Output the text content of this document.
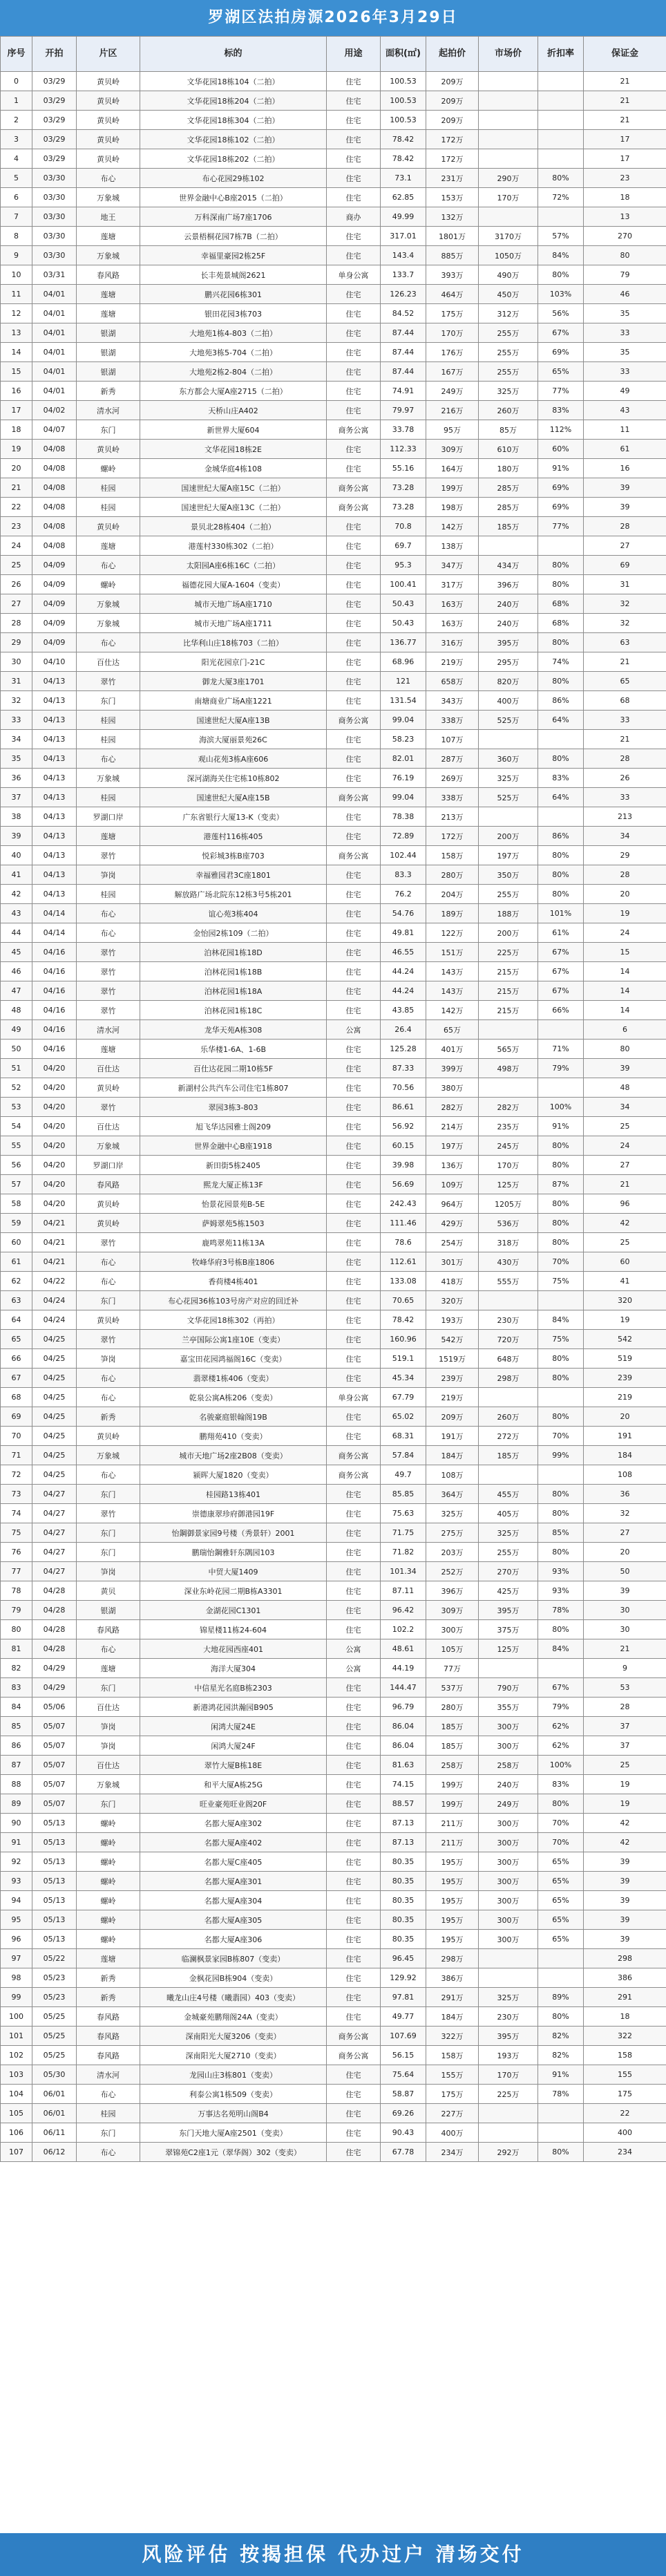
罗湖区法拍房源2026年3月29日
序号	开拍	片区	标的	用途	面积(㎡)	起拍价	市场价	折扣率	保证金
0	03/29	黄贝岭	文华花园18栋104（二拍）	住宅	100.53	209万			21
1	03/29	黄贝岭	文华花园18栋204（二拍）	住宅	100.53	209万			21
2	03/29	黄贝岭	文华花园18栋304（二拍）	住宅	100.53	209万			21
3	03/29	黄贝岭	文华花园18栋102（二拍）	住宅	78.42	172万			17
4	03/29	黄贝岭	文华花园18栋202（二拍）	住宅	78.42	172万			17
5	03/30	布心	布心花园29栋102	住宅	73.1	231万	290万	80%	23
6	03/30	万象城	世界金融中心B座2015（二拍）	住宅	62.85	153万	170万	72%	18
7	03/30	地王	万科深南广场7座1706	商办	49.99	132万			13
8	03/30	莲塘	云景梧桐花园7栋7B（二拍）	住宅	317.01	1801万	3170万	57%	270
9	03/30	万象城	幸福里豪园2栋25F	住宅	143.4	885万	1050万	84%	80
10	03/31	春风路	长丰苑景城阁2621	单身公寓	133.7	393万	490万	80%	79
11	04/01	莲塘	鹏兴花园6栋301	住宅	126.23	464万	450万	103%	46
12	04/01	莲塘	银田花园3栋703	住宅	84.52	175万	312万	56%	35
13	04/01	银湖	大地苑1栋4-803（二拍）	住宅	87.44	170万	255万	67%	33
14	04/01	银湖	大地苑3栋5-704（二拍）	住宅	87.44	176万	255万	69%	35
15	04/01	银湖	大地苑2栋2-804（二拍）	住宅	87.44	167万	255万	65%	33
16	04/01	新秀	东方都会大厦A座2715（二拍）	住宅	74.91	249万	325万	77%	49
17	04/02	清水河	天桥山庄A402	住宅	79.97	216万	260万	83%	43
18	04/07	东门	新世界大厦604	商务公寓	33.78	95万	85万	112%	11
19	04/08	黄贝岭	文华花园18栋2E	住宅	112.33	309万	610万	60%	61
20	04/08	螺岭	金城华庭4栋108	住宅	55.16	164万	180万	91%	16
21	04/08	桂园	国速世纪大厦A座15C（二拍）	商务公寓	73.28	199万	285万	69%	39
22	04/08	桂园	国速世纪大厦A座13C（二拍）	商务公寓	73.28	198万	285万	69%	39
23	04/08	黄贝岭	景贝北28栋404（二拍）	住宅	70.8	142万	185万	77%	28
24	04/08	莲塘	港莲村330栋302（二拍）	住宅	69.7	138万			27
25	04/09	布心	太阳园A座6栋16C（二拍）	住宅	95.3	347万	434万	80%	69
26	04/09	螺岭	福德花园大厦A-1604（变卖）	住宅	100.41	317万	396万	80%	31
27	04/09	万象城	城市天地广场A座1710	住宅	50.43	163万	240万	68%	32
28	04/09	万象城	城市天地广场A座1711	住宅	50.43	163万	240万	68%	32
29	04/09	布心	比华利山庄18栋703（二拍）	住宅	136.77	316万	395万	80%	63
30	04/10	百仕达	阳光花园京门-21C	住宅	68.96	219万	295万	74%	21
31	04/13	翠竹	御龙大厦3座1701	住宅	121	658万	820万	80%	65
32	04/13	东门	南塘商业广场A座1221	住宅	131.54	343万	400万	86%	68
33	04/13	桂园	国速世纪大厦A座13B	商务公寓	99.04	338万	525万	64%	33
34	04/13	桂园	海滨大厦丽景苑26C	住宅	58.23	107万			21
35	04/13	布心	观山花苑3栋A座606	住宅	82.01	287万	360万	80%	28
36	04/13	万象城	深河湖海关住宅栋10栋802	住宅	76.19	269万	325万	83%	26
37	04/13	桂园	国速世纪大厦A座15B	商务公寓	99.04	338万	525万	64%	33
38	04/13	罗湖口岸	广东省银行大厦13-K（变卖）	住宅	78.38	213万			213
39	04/13	莲塘	港莲村116栋405	住宅	72.89	172万	200万	86%	34
40	04/13	翠竹	悦彩城3栋B座703	商务公寓	102.44	158万	197万	80%	29
41	04/13	笋岗	幸福雅园君3C座1801	住宅	83.3	280万	350万	80%	28
42	04/13	桂园	解放路广场北院东12栋3号5栋201	住宅	76.2	204万	255万	80%	20
43	04/14	布心	谊心苑3栋404	住宅	54.76	189万	188万	101%	19
44	04/14	布心	金怡园2栋109（二拍）	住宅	49.81	122万	200万	61%	24
45	04/16	翠竹	泊林花园1栋18D	住宅	46.55	151万	225万	67%	15
46	04/16	翠竹	泊林花园1栋18B	住宅	44.24	143万	215万	67%	14
47	04/16	翠竹	泊林花园1栋18A	住宅	44.24	143万	215万	67%	14
48	04/16	翠竹	泊林花园1栋18C	住宅	43.85	142万	215万	66%	14
49	04/16	清水河	龙华天苑A栋308	公寓	26.4	65万			6
50	04/16	莲塘	乐华楼1-6A、1-6B	住宅	125.28	401万	565万	71%	80
51	04/20	百仕达	百仕达花园二期10栋5F	住宅	87.33	399万	498万	79%	39
52	04/20	黄贝岭	新湖村公共汽车公司住宅1栋807	住宅	70.56	380万			48
53	04/20	翠竹	翠园3栋3-803	住宅	86.61	282万	282万	100%	34
54	04/20	百仕达	旭飞华达园雅士阁209	住宅	56.92	214万	235万	91%	25
55	04/20	万象城	世界金融中心B座1918	住宅	60.15	197万	245万	80%	24
56	04/20	罗湖口岸	新田街5栋2405	住宅	39.98	136万	170万	80%	27
57	04/20	春风路	熙龙大厦正栋13F	住宅	56.69	109万	125万	87%	21
58	04/20	黄贝岭	怡景花园景苑B-5E	住宅	242.43	964万	1205万	80%	96
59	04/21	黄贝岭	萨姆翠苑5栋1503	住宅	111.46	429万	536万	80%	42
60	04/21	翠竹	鹿鸣翠苑11栋13A	住宅	78.6	254万	318万	80%	25
61	04/21	布心	牧峰华府3号栋B座1806	住宅	112.61	301万	430万	70%	60
62	04/22	布心	香荷楼4栋401	住宅	133.08	418万	555万	75%	41
63	04/24	东门	布心花园36栋103号房产对应的回迁补	住宅	70.65	320万			320
64	04/24	黄贝岭	文华花园18栋302（再拍）	住宅	78.42	193万	230万	84%	19
65	04/25	翠竹	兰亭国际公寓1座10E（变卖）	住宅	160.96	542万	720万	75%	542
66	04/25	笋岗	嘉宝田花园鸿福阁16C（变卖）	住宅	519.1	1519万	648万	80%	519
67	04/25	布心	翡翠楼1栋406（变卖）	住宅	45.34	239万	298万	80%	239
68	04/25	布心	乾泉公寓A栋206（变卖）	单身公寓	67.79	219万			219
69	04/25	新秀	名骏豪庭银翰阁19B	住宅	65.02	209万	260万	80%	20
70	04/25	黄贝岭	鹏翔苑410（变卖）	住宅	68.31	191万	272万	70%	191
71	04/25	万象城	城市天地广场2座2B08（变卖）	商务公寓	57.84	184万	185万	99%	184
72	04/25	布心	颍晖大厦1820（变卖）	商务公寓	49.7	108万			108
73	04/27	东门	桂园路13栋401	住宅	85.85	364万	455万	80%	36
74	04/27	翠竹	崇德康翠珍府御港园19F	住宅	75.63	325万	405万	80%	32
75	04/27	东门	怡鋼御景家园9号楼（秀景轩）2001	住宅	71.75	275万	325万	85%	27
76	04/27	东门	鹏瑞怡鋼雅轩东隅园103	住宅	71.82	203万	255万	80%	20
77	04/27	笋岗	中贸大厦1409	住宅	101.34	252万	270万	93%	50
78	04/28	黄贝	深业东岭花园二期B栋A3301	住宅	87.11	396万	425万	93%	39
79	04/28	银湖	金湖花园C1301	住宅	96.42	309万	395万	78%	30
80	04/28	春风路	锦星楼11栋24-604	住宅	102.2	300万	375万	80%	30
81	04/28	布心	大地花园西座401	公寓	48.61	105万	125万	84%	21
82	04/29	莲塘	海洋大厦304	公寓	44.19	77万			9
83	04/29	东门	中信星光名庭B栋2303	住宅	144.47	537万	790万	67%	53
84	05/06	百仕达	新港鸿花园洪瀚园B905	住宅	96.79	280万	355万	79%	28
85	05/07	笋岗	闲鸿大厦24E	住宅	86.04	185万	300万	62%	37
86	05/07	笋岗	闲鸿大厦24F	住宅	86.04	185万	300万	62%	37
87	05/07	百仕达	翠竹大厦B栋18E	住宅	81.63	258万	258万	100%	25
88	05/07	万象城	和平大厦A栋25G	住宅	74.15	199万	240万	83%	19
89	05/07	东门	旺业豪苑旺业阁20F	住宅	88.57	199万	249万	80%	19
90	05/13	螺岭	名都大厦A座302	住宅	87.13	211万	300万	70%	42
91	05/13	螺岭	名都大厦A座402	住宅	87.13	211万	300万	70%	42
92	05/13	螺岭	名都大厦C座405	住宅	80.35	195万	300万	65%	39
93	05/13	螺岭	名都大厦A座301	住宅	80.35	195万	300万	65%	39
94	05/13	螺岭	名都大厦A座304	住宅	80.35	195万	300万	65%	39
95	05/13	螺岭	名都大厦A座305	住宅	80.35	195万	300万	65%	39
96	05/13	螺岭	名都大厦A座306	住宅	80.35	195万	300万	65%	39
97	05/22	莲塘	临澜枫景家园B栋807（变卖）	住宅	96.45	298万			298
98	05/23	新秀	金枫花园B栋904（变卖）	住宅	129.92	386万			386
99	05/23	新秀	曦龙山庄4号楼（曦翡园）403（变卖）	住宅	97.81	291万	325万	89%	291
100	05/25	春风路	金城豪苑鹏翔阁24A（变卖）	住宅	49.77	184万	230万	80%	18
101	05/25	春风路	深南阳光大厦3206（变卖）	商务公寓	107.69	322万	395万	82%	322
102	05/25	春风路	深南阳光大厦2710（变卖）	商务公寓	56.15	158万	193万	82%	158
103	05/30	清水河	龙园山庄3栋801（变卖）	住宅	75.64	155万	170万	91%	155
104	06/01	布心	利泰公寓1栋509（变卖）	住宅	58.87	175万	225万	78%	175
105	06/01	桂园	万事达名苑明山阁B4	住宅	69.26	227万			22
106	06/11	东门	东门天地大厦A座2501（变卖）	住宅	90.43	400万			400
107	06/12	布心	翠锦苑C2座1元（翠华阁）302（变卖）	住宅	67.78	234万	292万	80%	234
风险评估 按揭担保 代办过户 清场交付
